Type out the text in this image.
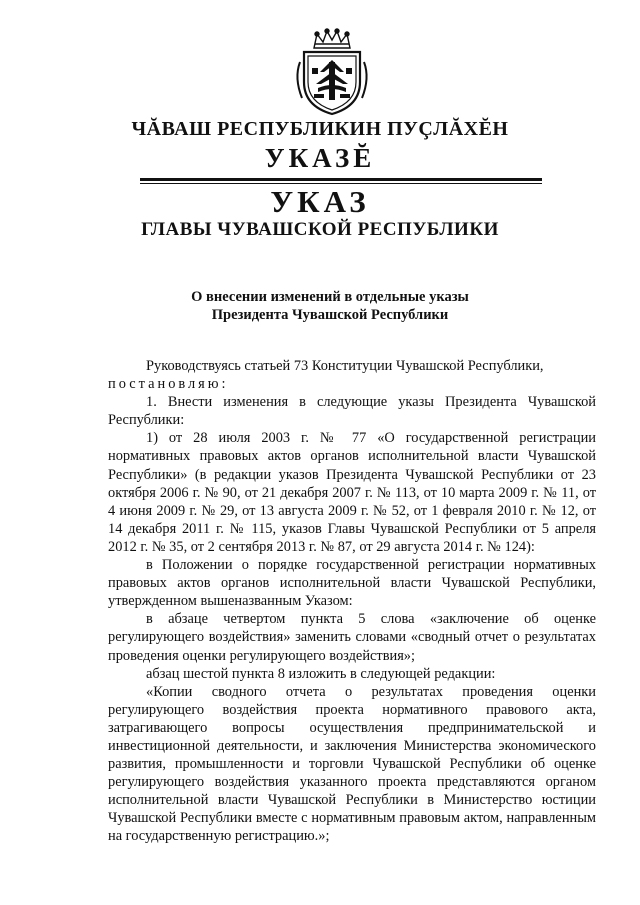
ЧĂВАШ РЕСПУБЛИКИН ПУÇЛĂХĔН
УКАЗĔ
УКАЗ
ГЛАВЫ ЧУВАШСКОЙ РЕСПУБЛИКИ
О внесении изменений в отдельные указы
Президента Чувашской Республики

Руководствуясь статьей 73 Конституции Чувашской Республики,

постановляю:

1. Внести изменения в следующие указы Президента Чувашской Республики:

1) от 28 июля 2003 г. № 77 «О государственной регистрации нормативных правовых актов органов исполнительной власти Чувашской Республики» (в редакции указов Президента Чувашской Республики от 23 октября 2006 г. № 90, от 21 декабря 2007 г. № 113, от 10 марта 2009 г. № 11, от 4 июня 2009 г. № 29, от 13 августа 2009 г. № 52, от 1 февраля 2010 г. № 12, от 14 декабря 2011 г. № 115, указов Главы Чувашской Республики от 5 апреля 2012 г. № 35, от 2 сентября 2013 г. № 87, от 29 августа 2014 г. № 124):

в Положении о порядке государственной регистрации нормативных правовых актов органов исполнительной власти Чувашской Республики, утвержденном вышеназванным Указом:

в абзаце четвертом пункта 5 слова «заключение об оценке регулирующего воздействия» заменить словами «сводный отчет о результатах проведения оценки регулирующего воздействия»;

абзац шестой пункта 8 изложить в следующей редакции:

«Копии сводного отчета о результатах проведения оценки регулирующего воздействия проекта нормативного правового акта, затрагивающего вопросы осуществления предпринимательской и инвестиционной деятельности, и заключения Министерства экономического развития, промышленности и торговли Чувашской Республики об оценке регулирующего воздействия указанного проекта представляются органом исполнительной власти Чувашской Республики в Министерство юстиции Чувашской Республики вместе с нормативным правовым актом, направленным на государственную регистрацию.»;
